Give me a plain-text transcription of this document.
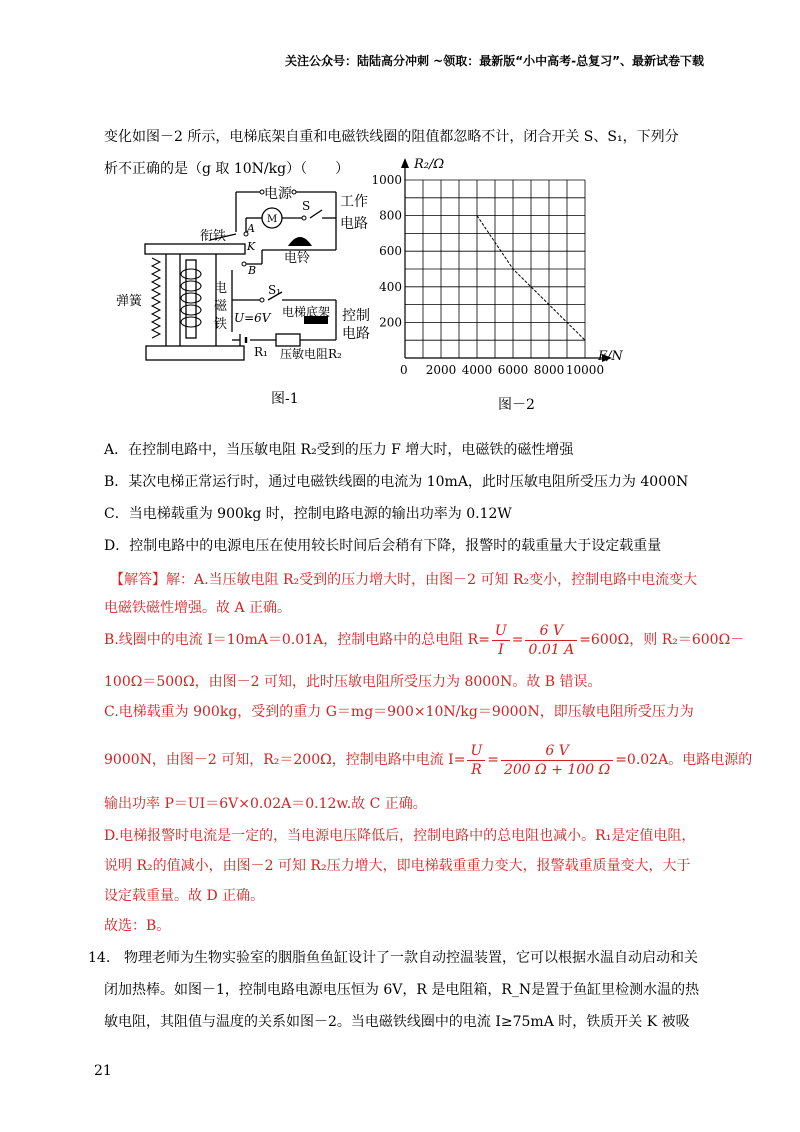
关注公众号：陆陆高分冲刺 ~领取：最新版“小中高考-总复习”、最新试卷下载
变化如图－2 所示，电梯底架自重和电磁铁线圈的阻值都忽略不计，闭合开关 S、S₁，下列分
析不正确的是（g 取 10N/kg）（　　）
电源	工作
电路
衔铁
M
S
A
K
B
电铃
弹簧
电
磁
铁
S₁
U=6V 电梯底架 控制
电路
R₁ 压敏电阻R₂
图-1
2000 4000 6000 8000 10000
200
400
600
800
1000
R₂/Ω
F/N
0
图－2
A．在控制电路中，当压敏电阻 R₂受到的压力 F 增大时，电磁铁的磁性增强
B．某次电梯正常运行时，通过电磁铁线圈的电流为 10mA，此时压敏电阻所受压力为 4000N
C．当电梯载重为 900kg 时，控制电路电源的输出功率为 0.12W
D．控制电路中的电源电压在使用较长时间后会稍有下降，报警时的载重量大于设定载重量
【解答】解：A.当压敏电阻 R₂受到的压力增大时，由图－2 可知 R₂变小，控制电路中电流变大
电磁铁磁性增强。故 A 正确。
B.线圈中的电流 I＝10mA＝0.01A，控制电路中的总电阻 $R= \frac{U}{I} = \frac{6 V}{0.01 A} =600\Omega$，则 R₂＝600Ω－
100Ω＝500Ω，由图－2 可知，此时压敏电阻所受压力为 8000N。故 B 错误。
C.电梯载重为 900kg，受到的重力 G＝mg＝900×10N/kg＝9000N，即压敏电阻所受压力为
9000N，由图－2 可知，R₂＝200Ω，控制电路中电流 $I= \frac{U}{R} = \frac{6 V}{200 \Omega + 100 \Omega} =0.02A$。电路电源的
输出功率 P＝UI＝6V×0.02A＝0.12w.故 C 正确。
D.电梯报警时电流是一定的，当电源电压降低后，控制电路中的总电阻也减小。R₁是定值电阻，
说明 R₂的值减小，由图－2 可知 R₂压力增大，即电梯载重重力变大，报警载重质量变大，大于
设定载重量。故 D 正确。
故选：B。
14. 物理老师为生物实验室的胭脂鱼鱼缸设计了一款自动控温装置，它可以根据水温自动启动和关
闭加热棒。如图－1，控制电路电源电压恒为 6V，R 是电阻箱，R_N是置于鱼缸里检测水温的热
敏电阻，其阻值与温度的关系如图－2。当电磁铁线圈中的电流 I≥75mA 时，铁质开关 K 被吸
21
